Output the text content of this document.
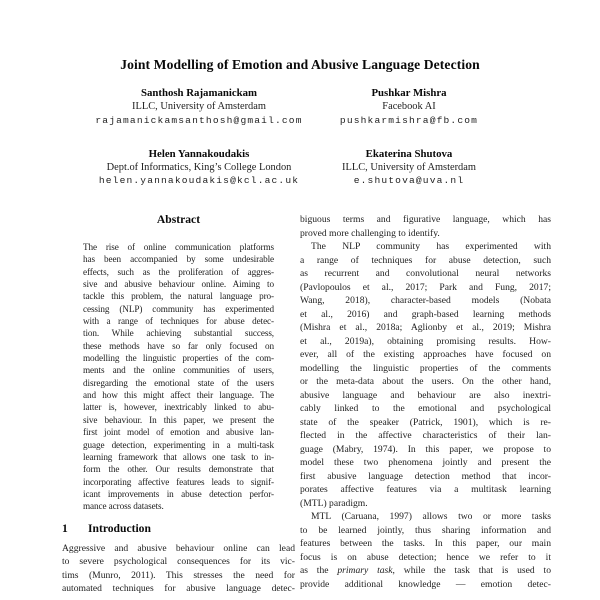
Joint Modelling of Emotion and Abusive Language Detection
Santhosh Rajamanickam
ILLC, University of Amsterdam
rajamanickamsanthosh@gmail.com
Pushkar Mishra
Facebook AI
pushkarmishra@fb.com
Helen Yannakoudakis
Dept.of Informatics, King’s College London
helen.yannakoudakis@kcl.ac.uk
Ekaterina Shutova
ILLC, University of Amsterdam
e.shutova@uva.nl
Abstract
The rise of online communication platforms
has been accompanied by some undesirable
effects, such as the proliferation of aggres-
sive and abusive behaviour online. Aiming to
tackle this problem, the natural language pro-
cessing (NLP) community has experimented
with a range of techniques for abuse detec-
tion. While achieving substantial success,
these methods have so far only focused on
modelling the linguistic properties of the com-
ments and the online communities of users,
disregarding the emotional state of the users
and how this might affect their language. The
latter is, however, inextricably linked to abu-
sive behaviour. In this paper, we present the
first joint model of emotion and abusive lan-
guage detection, experimenting in a multi-task
learning framework that allows one task to in-
form the other. Our results demonstrate that
incorporating affective features leads to signif-
icant improvements in abuse detection perfor-
mance across datasets.
1 Introduction
Aggressive and abusive behaviour online can lead
to severe psychological consequences for its vic-
tims (Munro, 2011). This stresses the need for
automated techniques for abusive language detec-
biguous terms and figurative language, which has
proved more challenging to identify.
The NLP community has experimented with
a range of techniques for abuse detection, such
as recurrent and convolutional neural networks
(Pavlopoulos et al., 2017; Park and Fung, 2017;
Wang, 2018), character-based models (Nobata
et al., 2016) and graph-based learning methods
(Mishra et al., 2018a; Aglionby et al., 2019; Mishra
et al., 2019a), obtaining promising results. How-
ever, all of the existing approaches have focused on
modelling the linguistic properties of the comments
or the meta-data about the users. On the other hand,
abusive language and behaviour are also inextri-
cably linked to the emotional and psychological
state of the speaker (Patrick, 1901), which is re-
flected in the affective characteristics of their lan-
guage (Mabry, 1974). In this paper, we propose to
model these two phenomena jointly and present the
first abusive language detection method that incor-
porates affective features via a multitask learning
(MTL) paradigm.
MTL (Caruana, 1997) allows two or more tasks
to be learned jointly, thus sharing information and
features between the tasks. In this paper, our main
focus is on abuse detection; hence we refer to it
as the primary task, while the task that is used to
provide additional knowledge — emotion detec-
